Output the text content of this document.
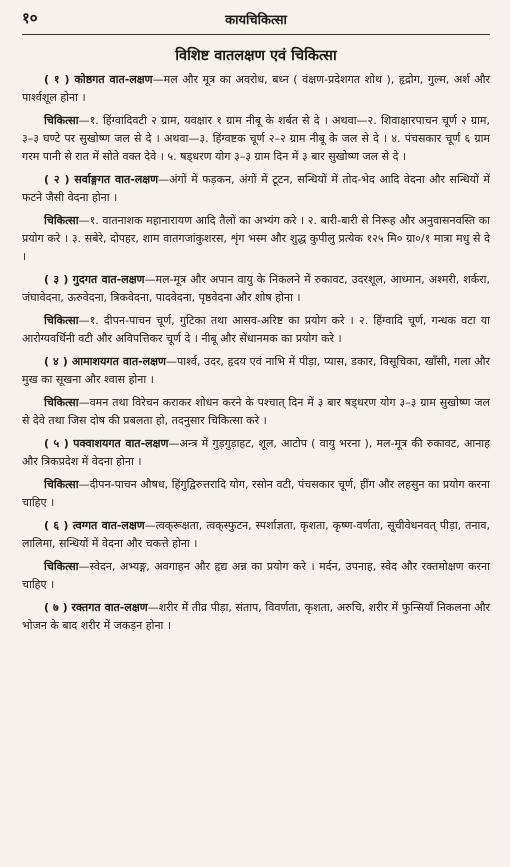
१०	कायचिकित्सा
विशिष्ट वातलक्षण एवं चिकित्सा

( १ ) कोष्ठगत वात-लक्षण—मल और मूत्र का अवरोध, बध्न ( वंक्षण-प्रदेशगत शोथ ), हृद्रोग, गुल्म, अर्श और पार्श्वशूल होना ।

चिकित्सा—१. हिंग्वादिवटी २ ग्राम, यवक्षार १ ग्राम नीबू के शर्बत से दे । अथवा—२. शिवाक्षारपाचन चूर्ण २ ग्राम, ३–३ घण्टे पर सुखोष्ण जल से दे । अथवा—३. हिंग्वष्टक चूर्ण २–२ ग्राम नीबू के जल से दे । ४. पंचसकार चूर्ण ६ ग्राम गरम पानी से रात में सोते वक्त देवे । ५. षड्धरण योग ३–३ ग्राम दिन में ३ बार सुखोष्ण जल से दे ।

( २ ) सर्वाङ्गगत वात-लक्षण—अंगों में फड़कन, अंगों में टूटन, सन्धियों में तोद-भेद आदि वेदना और सन्धियों में फटने जैसी वेदना होना ।

चिकित्सा—१. वातनाशक महानारायण आदि तैलों का अभ्यंग करे । २. बारी-बारी से निरूह और अनुवासनवस्ति का प्रयोग करे । ३. सबेरे, दोपहर, शाम वातगजांकुशरस, शृंग भस्म और शुद्ध कुपीलु प्रत्येक १२५ मि० ग्रा०/१ मात्रा मधु से दे ।

( ३ ) गुदगत वात-लक्षण—मल-मूत्र और अपान वायु के निकलने में रुकावट, उदरशूल, आध्मान, अश्मरी, शर्करा, जंघावेदना, ऊरुवेदना, त्रिकवेदना, पादवेदना, पृष्ठवेदना और शोष होना ।

चिकित्सा—१. दीपन-पाचन चूर्ण, गुटिका तथा आसव-अरिष्ट का प्रयोग करे । २. हिंग्वादि चूर्ण, गन्धक वटा या आरोग्यवर्धिनी वटी और अविपत्तिकर चूर्ण दे । नीबू और सेंधानमक का प्रयोग करे ।

( ४ ) आमाशयगत वात-लक्षण—पार्श्व, उदर, हृदय एवं नाभि में पीड़ा, प्यास, डकार, विसूचिका, खाँसी, गला और मुख का सूखना और श्वास होना ।

चिकित्सा—वमन तथा विरेचन कराकर शोधन करने के पश्चात् दिन में ३ बार षड्धरण योग ३–३ ग्राम सुखोष्ण जल से देवे तथा जिस दोष की प्रबलता हो, तदनुसार चिकित्सा करे ।

( ५ ) पक्वाशयगत वात-लक्षण—अन्त्र में गुड़गुड़ाहट, शूल, आटोप ( वायु भरना ), मल-मूत्र की रुकावट, आनाह और त्रिकप्रदेश में वेदना होना ।

चिकित्सा—दीपन-पाचन औषध, हिंगुद्विरुत्तरादि योग, रसोन वटी, पंचसकार चूर्ण, हींग और लहसुन का प्रयोग करना चाहिए ।

( ६ ) त्वग्गत वात-लक्षण—त्वक्‌रूक्षता, त्वक्‌स्फुटन, स्पर्शाज्ञता, कृशता, कृष्ण-वर्णता, सूचीवेधनवत् पीड़ा, तनाव, लालिमा, सन्धियों में वेदना और चकत्ते होना ।

चिकित्सा—स्वेदन, अभ्यङ्ग, अवगाहन और हृद्य अन्न का प्रयोग करे । मर्दन, उपनाह, स्वेद और रक्तमोक्षण करना चाहिए ।

( ७ ) रक्तगत वात-लक्षण—शरीर में तीव्र पीड़ा, संताप, विवर्णता, कृशता, अरुचि, शरीर में फुन्सियाँ निकलना और भोजन के बाद शरीर में जकड़न होना ।
